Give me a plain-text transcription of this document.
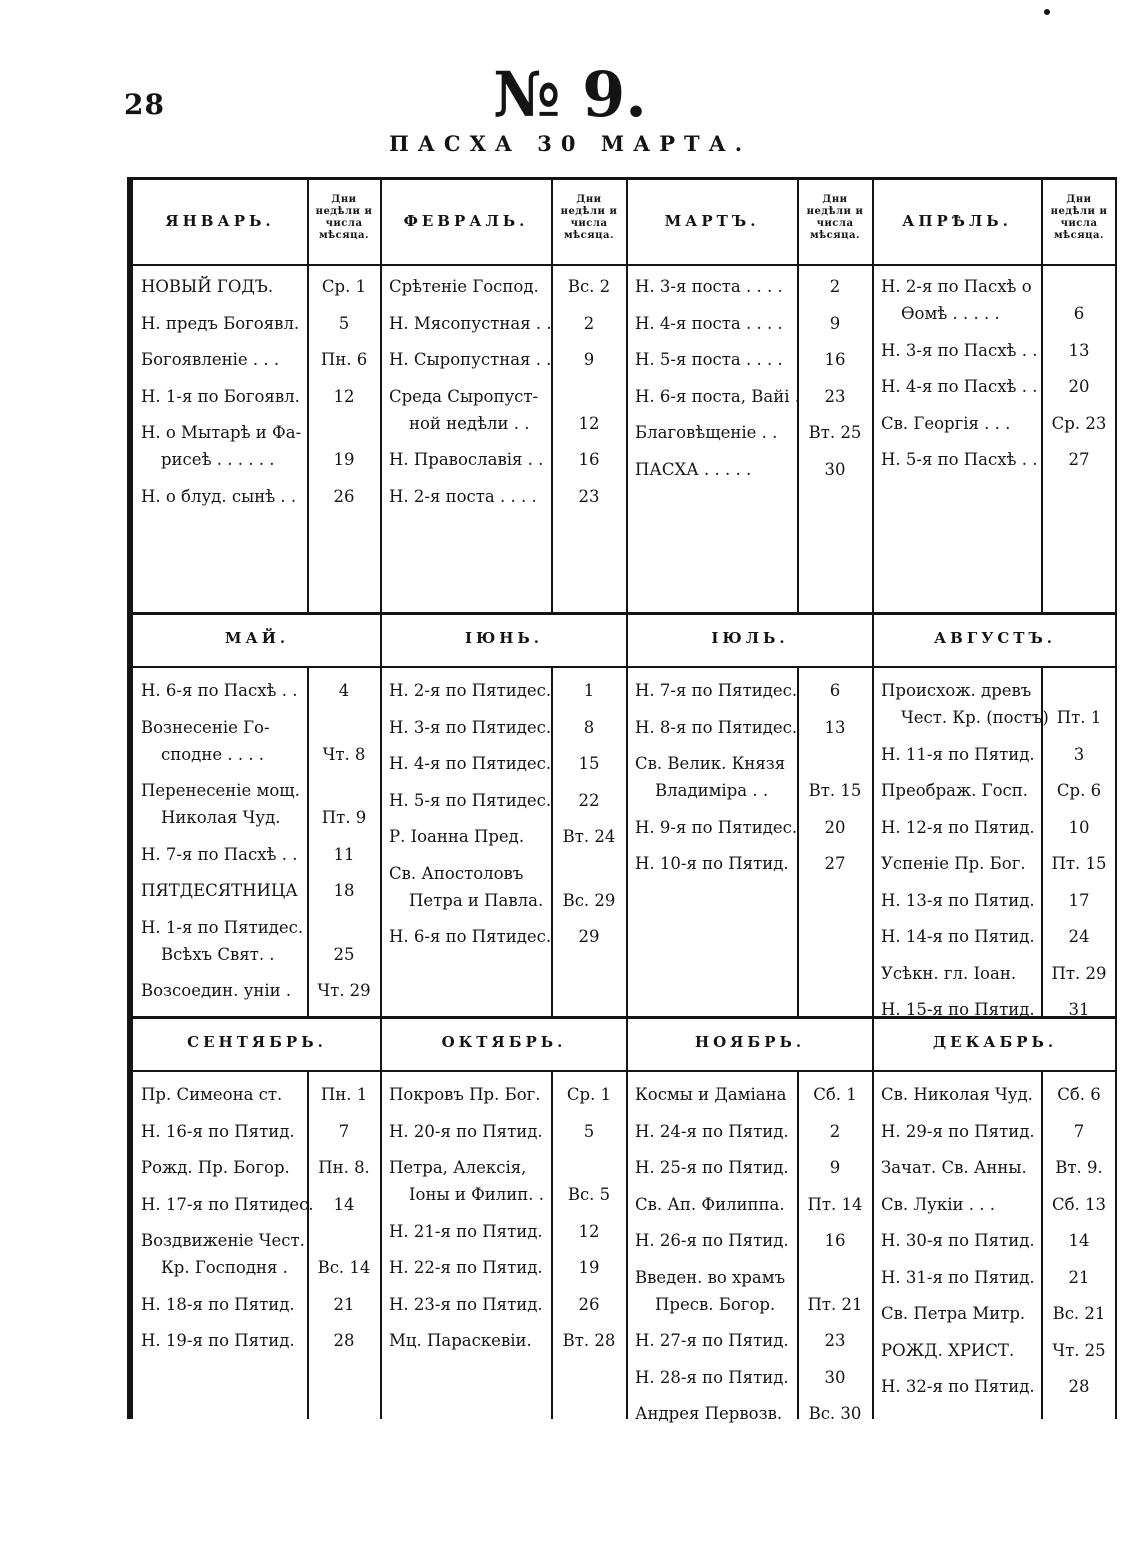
28	№ 9.
ПАСХА 30 МАРТА.
ЯНВАРЬ.
Дни недѣли и числа мѣсяца.
НОВЫЙ ГОДЪ.	Ср. 1
Н. предъ Богоявл.	5
Богоявленіе . . .	Пн. 6
Н. 1-я по Богоявл.	12
Н. о Мытарѣ и Фа-
рисеѣ . . . . . .	19
Н. о блуд. сынѣ . .	26
ФЕВРАЛЬ.
Дни недѣли и числа мѣсяца.
Срѣтеніе Господ.	Вс. 2
Н. Мясопустная . .	2
Н. Сыропустная . .	9
Среда Сыропуст-
ной недѣли . .	12
Н. Православія . .	16
Н. 2-я поста . . . .	23
МАРТЪ.
Дни недѣли и числа мѣсяца.
Н. 3-я поста . . . .	2
Н. 4-я поста . . . .	9
Н. 5-я поста . . . .	16
Н. 6-я поста, Вайі .	23
Благовѣщеніе . .	Вт. 25
ПАСХА . . . . .	30
АПРѢЛЬ.
Дни недѣли и числа мѣсяца.
Н. 2-я по Пасхѣ о
Ѳомѣ . . . . .	6
Н. 3-я по Пасхѣ . .	13
Н. 4-я по Пасхѣ . .	20
Св. Георгія . . .	Ср. 23
Н. 5-я по Пасхѣ . .	27
МАЙ.
Н. 6-я по Пасхѣ . .	4
Вознесеніе Го-
сподне . . . .	Чт. 8
Перенесеніе мощ.
Николая Чуд.	Пт. 9
Н. 7-я по Пасхѣ . .	11
ПЯТДЕСЯТНИЦА	18
Н. 1-я по Пятидес.
Всѣхъ Свят. .	25
Возсоедин. уніи .	Чт. 29
ІЮНЬ.
Н. 2-я по Пятидес.	1
Н. 3-я по Пятидес.	8
Н. 4-я по Пятидес.	15
Н. 5-я по Пятидес.	22
Р. Іоанна Пред.	Вт. 24
Св. Апостоловъ
Петра и Павла.	Вс. 29
Н. 6-я по Пятидес.	29
ІЮЛЬ.
Н. 7-я по Пятидес.	6
Н. 8-я по Пятидес.	13
Св. Велик. Князя
Владиміра . .	Вт. 15
Н. 9-я по Пятидес.	20
Н. 10-я по Пятид.	27
АВГУСТЪ.
Происхож. древъ
Чест. Кр. (постъ) Пт. 1
Н. 11-я по Пятид.	3
Преображ. Госп.	Ср. 6
Н. 12-я по Пятид.	10
Успеніе Пр. Бог.	Пт. 15
Н. 13-я по Пятид.	17
Н. 14-я по Пятид.	24
Усѣкн. гл. Іоан.	Пт. 29
Н. 15-я по Пятид.	31
СЕНТЯБРЬ.
Пр. Симеона ст.	Пн. 1
Н. 16-я по Пятид.	7
Рожд. Пр. Богор.	Пн. 8.
Н. 17-я по Пятидес.	14
Воздвиженіе Чест.
Кр. Господня .	Вс. 14
Н. 18-я по Пятид.	21
Н. 19-я по Пятид.	28
ОКТЯБРЬ.
Покровъ Пр. Бог.	Ср. 1
Н. 20-я по Пятид.	5
Петра, Алексія,
Іоны и Филип. .	Вс. 5
Н. 21-я по Пятид.	12
Н. 22-я по Пятид.	19
Н. 23-я по Пятид.	26
Мц. Параскевіи.	Вт. 28
НОЯБРЬ.
Космы и Даміана	Сб. 1
Н. 24-я по Пятид.	2
Н. 25-я по Пятид.	9
Св. Ап. Филиппа.	Пт. 14
Н. 26-я по Пятид.	16
Введен. во храмъ
Пресв. Богор.	Пт. 21
Н. 27-я по Пятид.	23
Н. 28-я по Пятид.	30
Андрея Первозв.	Вс. 30
ДЕКАБРЬ.
Св. Николая Чуд.	Сб. 6
Н. 29-я по Пятид.	7
Зачат. Св. Анны.	Вт. 9.
Св. Лукіи . . .	Сб. 13
Н. 30-я по Пятид.	14
Н. 31-я по Пятид.	21
Св. Петра Митр.	Вс. 21
РОЖД. ХРИСТ.	Чт. 25
Н. 32-я по Пятид.	28
